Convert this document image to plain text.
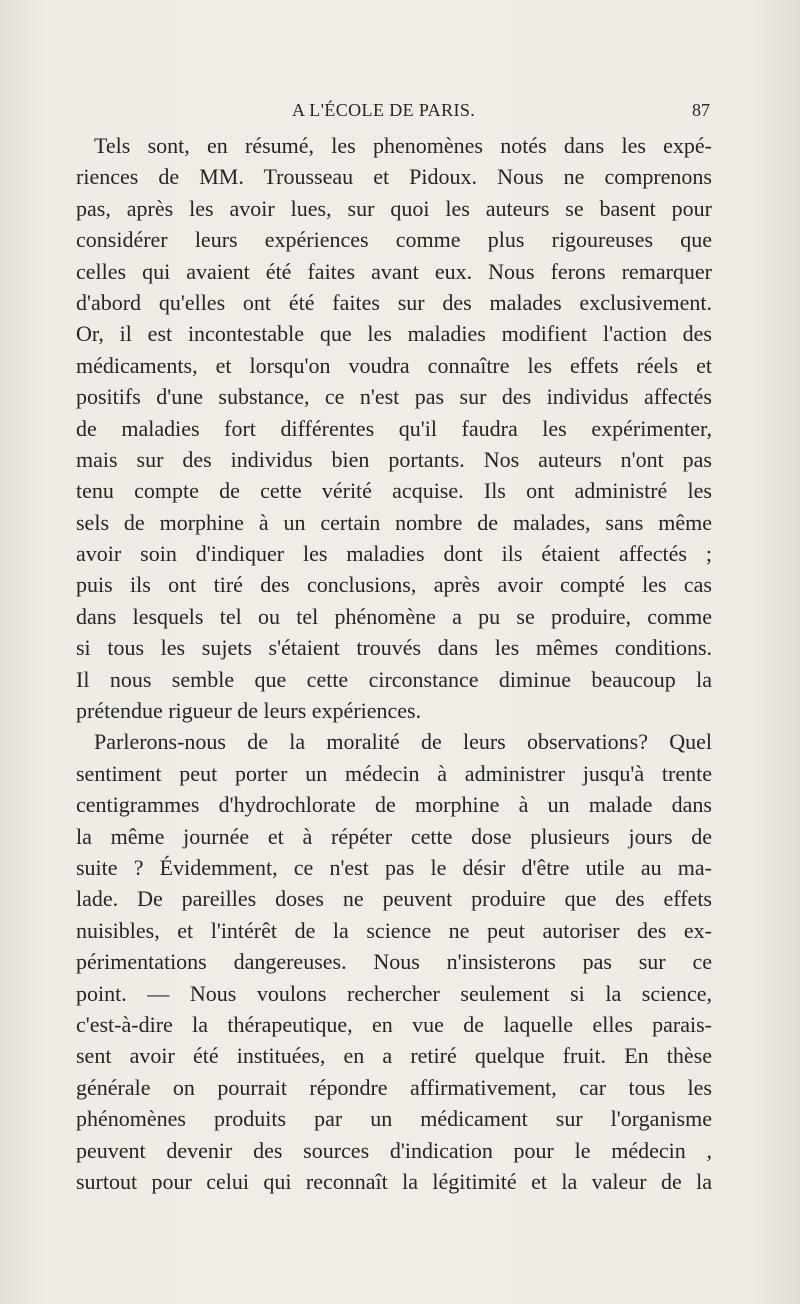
A L'ÉCOLE DE PARIS.	87
Tels sont, en résumé, les phenomènes notés dans les expé-
riences de MM. Trousseau et Pidoux. Nous ne comprenons
pas, après les avoir lues, sur quoi les auteurs se basent pour
considérer leurs expériences comme plus rigoureuses que
celles qui avaient été faites avant eux. Nous ferons remarquer
d'abord qu'elles ont été faites sur des malades exclusivement.
Or, il est incontestable que les maladies modifient l'action des
médicaments, et lorsqu'on voudra connaître les effets réels et
positifs d'une substance, ce n'est pas sur des individus affectés
de maladies fort différentes qu'il faudra les expérimenter,
mais sur des individus bien portants. Nos auteurs n'ont pas
tenu compte de cette vérité acquise. Ils ont administré les
sels de morphine à un certain nombre de malades, sans même
avoir soin d'indiquer les maladies dont ils étaient affectés ;
puis ils ont tiré des conclusions, après avoir compté les cas
dans lesquels tel ou tel phénomène a pu se produire, comme
si tous les sujets s'étaient trouvés dans les mêmes conditions.
Il nous semble que cette circonstance diminue beaucoup la
prétendue rigueur de leurs expériences.
Parlerons-nous de la moralité de leurs observations? Quel
sentiment peut porter un médecin à administrer jusqu'à trente
centigrammes d'hydrochlorate de morphine à un malade dans
la même journée et à répéter cette dose plusieurs jours de
suite ? Évidemment, ce n'est pas le désir d'être utile au ma-
lade. De pareilles doses ne peuvent produire que des effets
nuisibles, et l'intérêt de la science ne peut autoriser des ex-
périmentations dangereuses. Nous n'insisterons pas sur ce
point. — Nous voulons rechercher seulement si la science,
c'est-à-dire la thérapeutique, en vue de laquelle elles parais-
sent avoir été instituées, en a retiré quelque fruit. En thèse
générale on pourrait répondre affirmativement, car tous les
phénomènes produits par un médicament sur l'organisme
peuvent devenir des sources d'indication pour le médecin ,
surtout pour celui qui reconnaît la légitimité et la valeur de la
